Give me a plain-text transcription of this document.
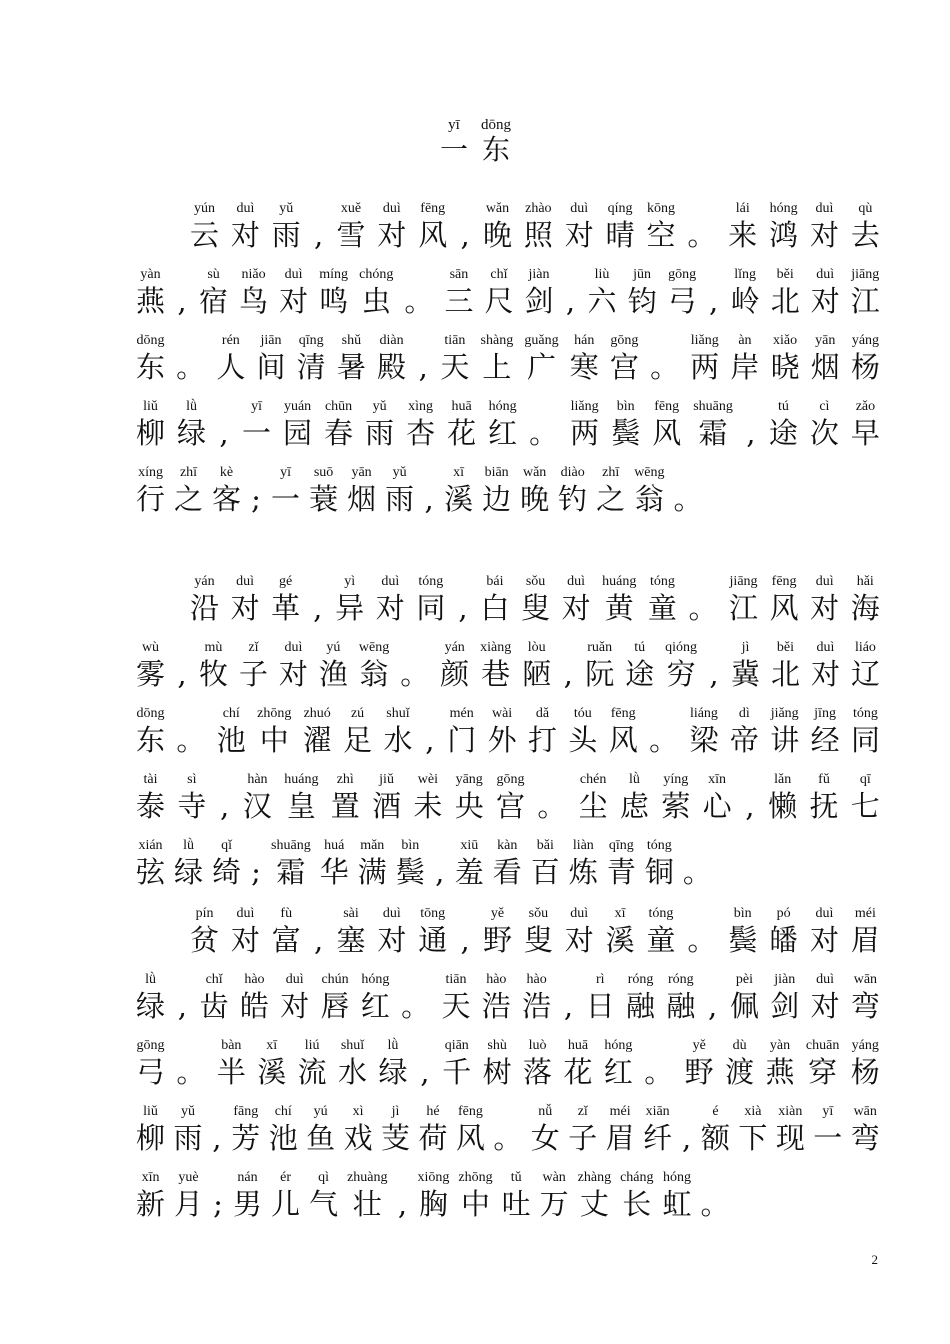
yī
一
dōng
东
yún
云
duì
对
yǔ
雨 ,
xuě
雪
duì
对
fēng
风 ,
wǎn
晚
zhào
照
duì
对
qíng
晴
kōng
空 。
lái
来
hóng
鸿
duì
对
qù
去
yàn
燕 ,
sù
宿
niǎo
鸟
duì
对
míng
鸣
chóng
虫 。
sān
三
chǐ
尺
jiàn
剑 ,
liù
六
jūn
钧
gōng
弓 ,
lǐng
岭
běi
北
duì
对
jiāng
江
dōng
东 。
rén
人
jiān
间
qīng
清
shǔ
暑
diàn
殿 ,
tiān
天
shàng
上
guǎng
广
hán
寒
gōng
宫 。
liǎng
两
àn
岸
xiǎo
晓
yān
烟
yáng
杨
liǔ
柳
lǜ
绿 ,
yī
一
yuán
园
chūn
春
yǔ
雨
xìng
杏
huā
花
hóng
红 。
liǎng
两
bìn
鬓
fēng
风
shuāng
霜 ,
tú
途
cì
次
zǎo
早
xíng
行
zhī
之
kè
客 ;
yī
一
suō
蓑
yān
烟
yǔ
雨 ,
xī
溪
biān
边
wǎn
晚
diào
钓
zhī
之
wēng
翁 。
yán
沿
duì
对
gé
革 ,
yì
异
duì
对
tóng
同 ,
bái
白
sǒu
叟
duì
对
huáng
黄
tóng
童 。
jiāng
江
fēng
风
duì
对
hǎi
海
wù
雾 ,
mù
牧
zǐ
子
duì
对
yú
渔
wēng
翁 。
yán
颜
xiàng
巷
lòu
陋 ,
ruǎn
阮
tú
途
qióng
穷 ,
jì
冀
běi
北
duì
对
liáo
辽
dōng
东 。
chí
池
zhōng
中
zhuó
濯
zú
足
shuǐ
水 ,
mén
门
wài
外
dǎ
打
tóu
头
fēng
风 。
liáng
梁
dì
帝
jiǎng
讲
jīng
经
tóng
同
tài
泰
sì
寺 ,
hàn
汉
huáng
皇
zhì
置
jiǔ
酒
wèi
未
yāng
央
gōng
宫 。
chén
尘
lǜ
虑
yíng
萦
xīn
心 ,
lǎn
懒
fǔ
抚
qī
七
xián
弦
lǜ
绿
qǐ
绮 ;
shuāng
霜
huá
华
mǎn
满
bìn
鬓 ,
xiū
羞
kàn
看
bǎi
百
liàn
炼
qīng
青
tóng
铜 。
pín
贫
duì
对
fù
富 ,
sài
塞
duì
对
tōng
通 ,
yě
野
sǒu
叟
duì
对
xī
溪
tóng
童 。
bìn
鬓
pó
皤
duì
对
méi
眉
lǜ
绿 ,
chǐ
齿
hào
皓
duì
对
chún
唇
hóng
红 。
tiān
天
hào
浩
hào
浩 ,
rì
日
róng
融
róng
融 ,
pèi
佩
jiàn
剑
duì
对
wān
弯
gōng
弓 。
bàn
半
xī
溪
liú
流
shuǐ
水
lǜ
绿 ,
qiān
千
shù
树
luò
落
huā
花
hóng
红 。
yě
野
dù
渡
yàn
燕
chuān
穿
yáng
杨
liǔ
柳
yǔ
雨 ,
fāng
芳
chí
池
yú
鱼
xì
戏
jì
芰
hé
荷
fēng
风 。
nǚ
女
zǐ
子
méi
眉
xiān
纤 ,
é
额
xià
下
xiàn
现
yī
一
wān
弯
xīn
新
yuè
月 ;
nán
男
ér
儿
qì
气
zhuàng
壮 ,
xiōng
胸
zhōng
中
tǔ
吐
wàn
万
zhàng
丈
cháng
长
hóng
虹 。
2
